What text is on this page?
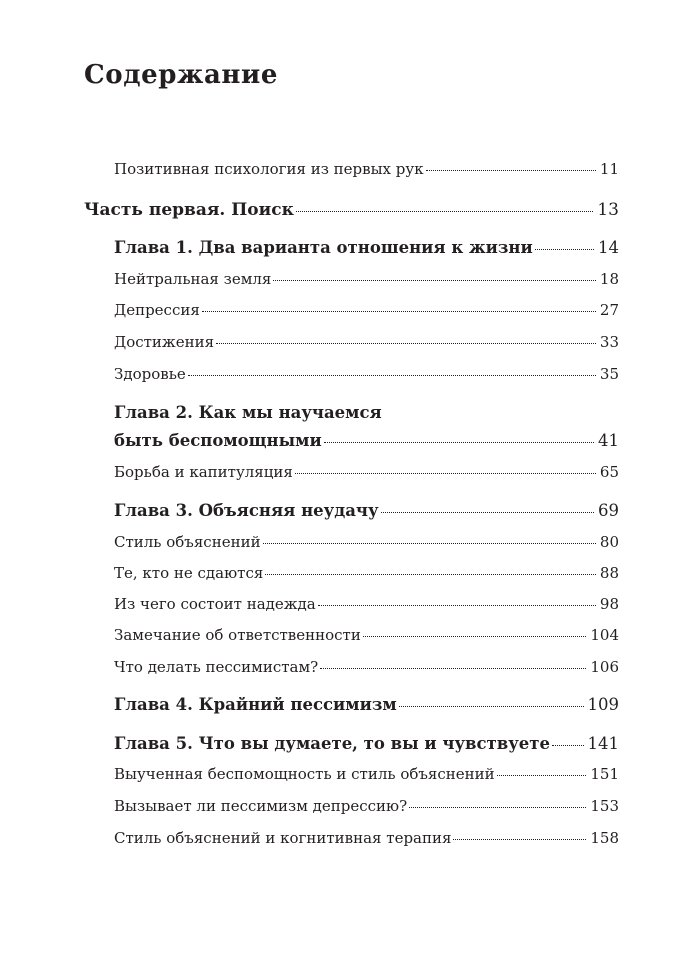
Содержание
Позитивная психология из первых рук	11
Часть первая. Поиск	13
Глава 1. Два варианта отношения к жизни	14
Нейтральная земля	18
Депрессия	27
Достижения	33
Здоровье	35
Глава 2. Как мы научаемся
быть беспомощными	41
Борьба и капитуляция	65
Глава 3. Объясняя неудачу	69
Стиль объяснений	80
Те, кто не сдаются	88
Из чего состоит надежда	98
Замечание об ответственности	104
Что делать пессимистам?	106
Глава 4. Крайний пессимизм	109
Глава 5. Что вы думаете, то вы и чувствуете 141
Выученная беспомощность и стиль объяснений	151
Вызывает ли пессимизм депрессию?	153
Стиль объяснений и когнитивная терапия	158
